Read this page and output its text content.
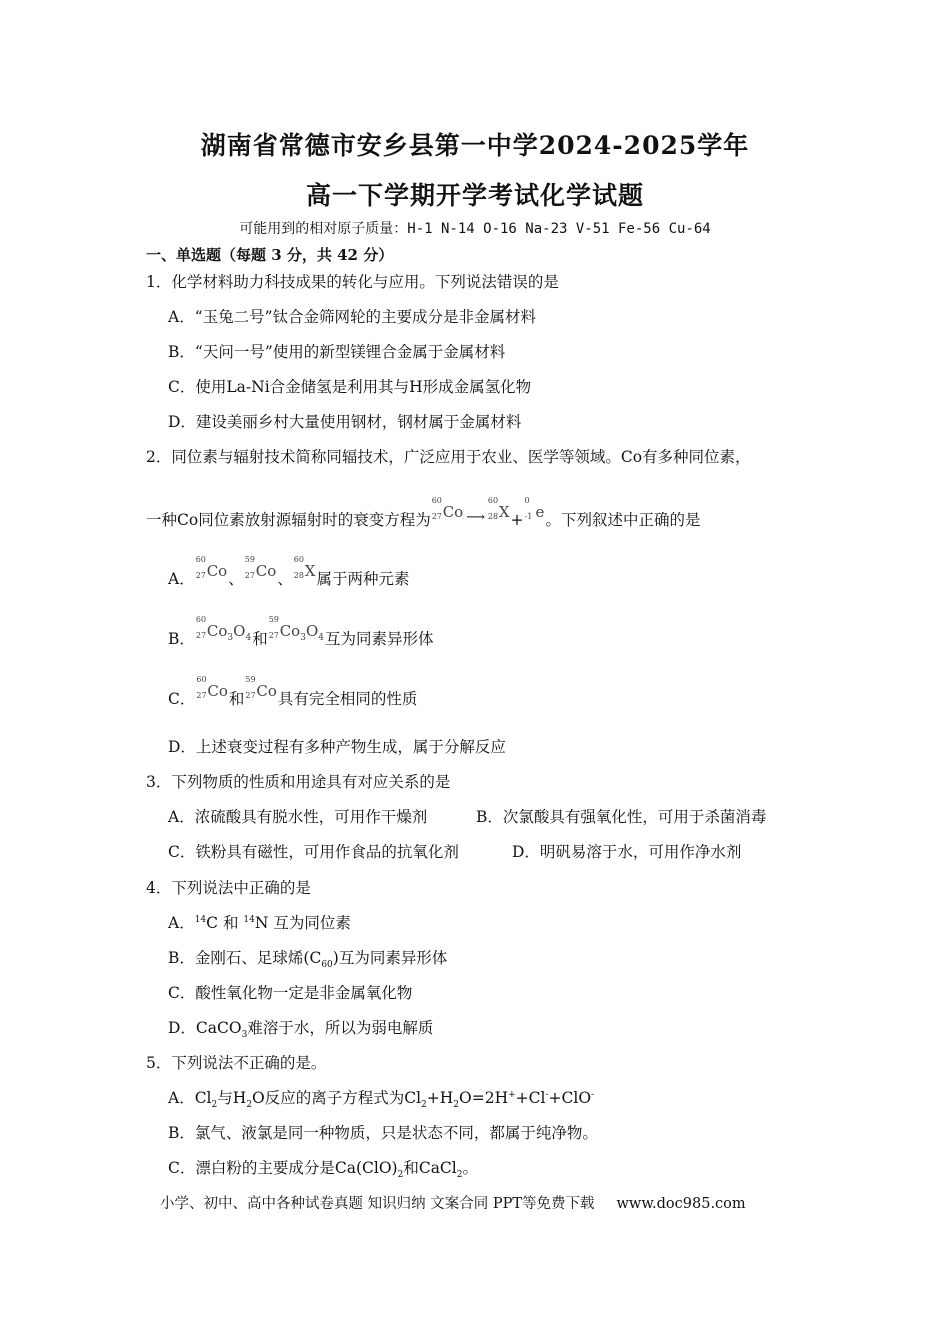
湖南省常德市安乡县第一中学2024-2025学年
高一下学期开学考试化学试题
可能用到的相对原子质量：H-1 N-14 O-16 Na-23 V-51 Fe-56 Cu-64
一、单选题（每题 3 分，共 42 分）
1．化学材料助力科技成果的转化与应用。下列说法错误的是
A．“玉兔二号”钛合金筛网轮的主要成分是非金属材料
B．“天问一号”使用的新型镁锂合金属于金属材料
C．使用La-Ni合金储氢是利用其与H形成金属氢化物
D．建设美丽乡村大量使用钢材，钢材属于金属材料
2．同位素与辐射技术简称同辐技术，广泛应用于农业、医学等领域。Co有多种同位素，
一种Co同位素放射源辐射时的衰变方程为
60
27 Co ⟶
60
28 X+
0
-1 e。下列叙述中正确的是
A．
60
27 Co、
59
27 Co、
60
28 X属于两种元素
B．
60
27 $Co_3O_4$和
59
27 $Co_3O_4$互为同素异形体
C．
60
27 Co和
59
27 Co具有完全相同的性质
D．上述衰变过程有多种产物生成，属于分解反应
3．下列物质的性质和用途具有对应关系的是
A．浓硫酸具有脱水性，可用作干燥剂	B．次氯酸具有强氧化性，可用于杀菌消毒
C．铁粉具有磁性，可用作食品的抗氧化剂	D．明矾易溶于水，可用作净水剂
4．下列说法中正确的是
A．$^{14}$C 和 $^{14}$N 互为同位素
B．金刚石、足球烯$(C_{60})$互为同素异形体
C．酸性氧化物一定是非金属氧化物
D．CaCO$_3$难溶于水，所以为弱电解质
5．下列说法不正确的是。
A．$Cl_2$与$H_2O$反应的离子方程式为$Cl_2+H_2O=2H^++Cl^-+ClO^-$
B．氯气、液氯是同一种物质，只是状态不同，都属于纯净物。
C．漂白粉的主要成分是$Ca(ClO)_2$和CaCl$_2$。
小学、初中、高中各种试卷真题 知识归纳 文案合同 PPT等免费下载 www.doc985.com
